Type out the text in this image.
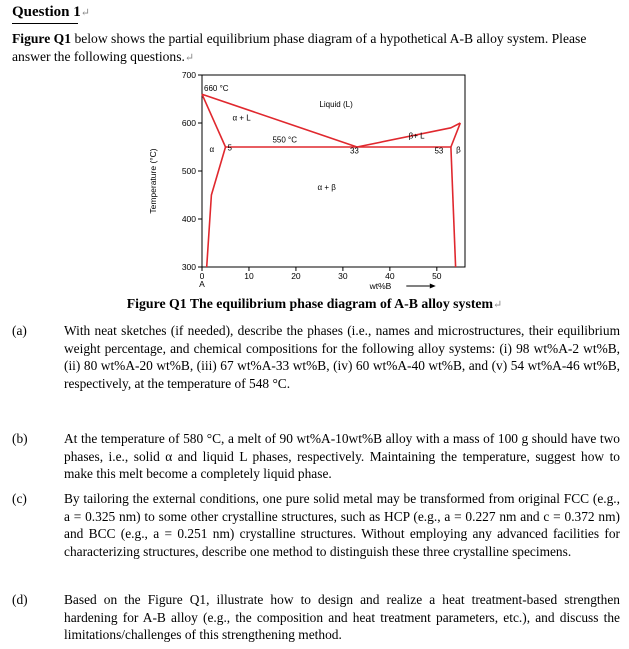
Question 1↵
Figure Q1 below shows the partial equilibrium phase diagram of a hypothetical A-B alloy system. Please answer the following questions.↵
300
400
500
600
700
0	10	20	30	40	50
A	wt%B
Temperature (°C)
660 °C
Liquid (L)
α + L
550 °C	β+ L
α 5	33	53 β
α + β
Figure Q1 The equilibrium phase diagram of A-B alloy system↵
(a)	With neat sketches (if needed), describe the phases (i.e., names and microstructures, their equilibrium weight percentage, and chemical compositions for the following alloy systems: (i) 98 wt%A-2 wt%B, (ii) 80 wt%A-20 wt%B, (iii) 67 wt%A-33 wt%B, (iv) 60 wt%A-40 wt%B, and (v) 54 wt%A-46 wt%B, respectively, at the temperature of 548 °C.
(b)	At the temperature of 580 °C, a melt of 90 wt%A-10wt%B alloy with a mass of 100 g should have two phases, i.e., solid α and liquid L phases, respectively. Maintaining the temperature, suggest how to make this melt become a completely liquid phase.
(c)	By tailoring the external conditions, one pure solid metal may be transformed from original FCC (e.g., a = 0.325 nm) to some other crystalline structures, such as HCP (e.g., a = 0.227 nm and c = 0.372 nm) and BCC (e.g., a = 0.251 nm) crystalline structures. Without employing any advanced facilities for characterizing structures, describe one method to distinguish these three crystalline specimens.
(d)	Based on the Figure Q1, illustrate how to design and realize a heat treatment-based strengthen hardening for A-B alloy (e.g., the composition and heat treatment parameters, etc.), and discuss the limitations/challenges of this strengthening method.
